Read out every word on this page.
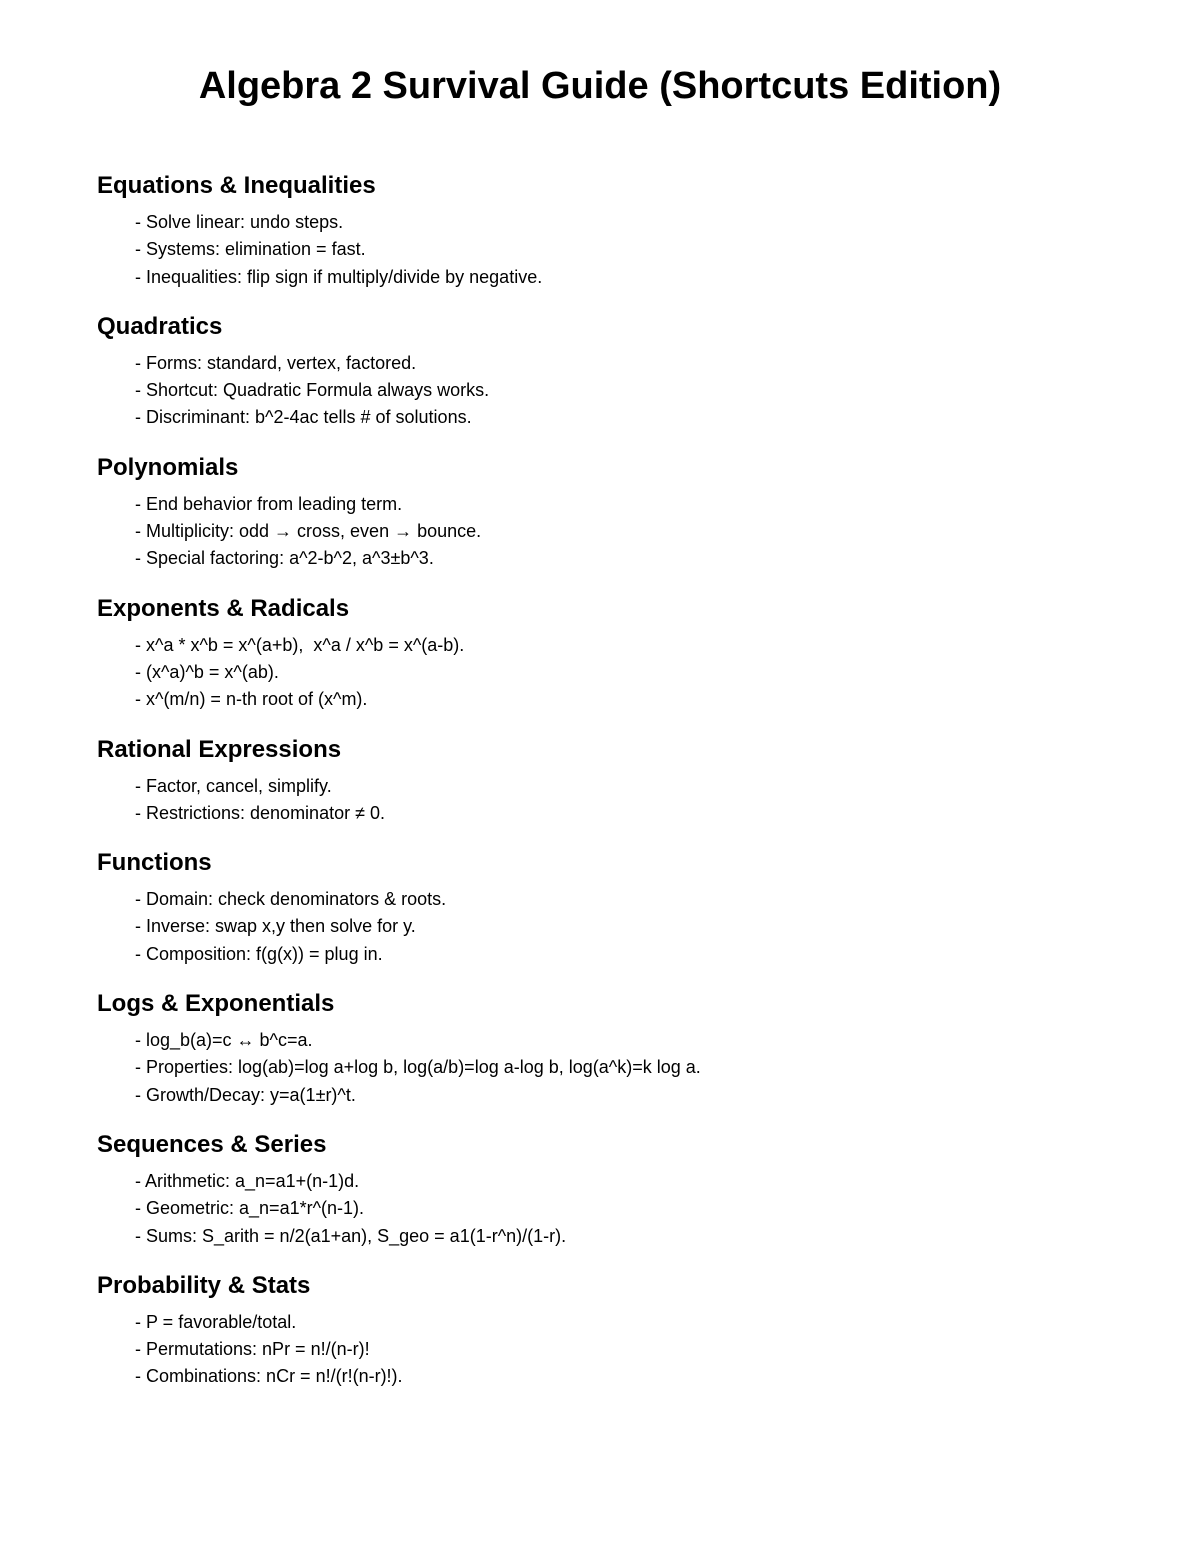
Algebra 2 Survival Guide (Shortcuts Edition)
Equations & Inequalities
- Solve linear: undo steps.
- Systems: elimination = fast.
- Inequalities: flip sign if multiply/divide by negative.
Quadratics
- Forms: standard, vertex, factored.
- Shortcut: Quadratic Formula always works.
- Discriminant: b^2-4ac tells # of solutions.
Polynomials
- End behavior from leading term.
- Multiplicity: odd → cross, even → bounce.
- Special factoring: a^2-b^2, a^3±b^3.
Exponents & Radicals
- x^a * x^b = x^(a+b),  x^a / x^b = x^(a-b).
- (x^a)^b = x^(ab).
- x^(m/n) = n-th root of (x^m).
Rational Expressions
- Factor, cancel, simplify.
- Restrictions: denominator ≠ 0.
Functions
- Domain: check denominators & roots.
- Inverse: swap x,y then solve for y.
- Composition: f(g(x)) = plug in.
Logs & Exponentials
- log_b(a)=c ↔ b^c=a.
- Properties: log(ab)=log a+log b, log(a/b)=log a-log b, log(a^k)=k log a.
- Growth/Decay: y=a(1±r)^t.
Sequences & Series
- Arithmetic: a_n=a1+(n-1)d.
- Geometric: a_n=a1*r^(n-1).
- Sums: S_arith = n/2(a1+an), S_geo = a1(1-r^n)/(1-r).
Probability & Stats
- P = favorable/total.
- Permutations: nPr = n!/(n-r)!
- Combinations: nCr = n!/(r!(n-r)!).
